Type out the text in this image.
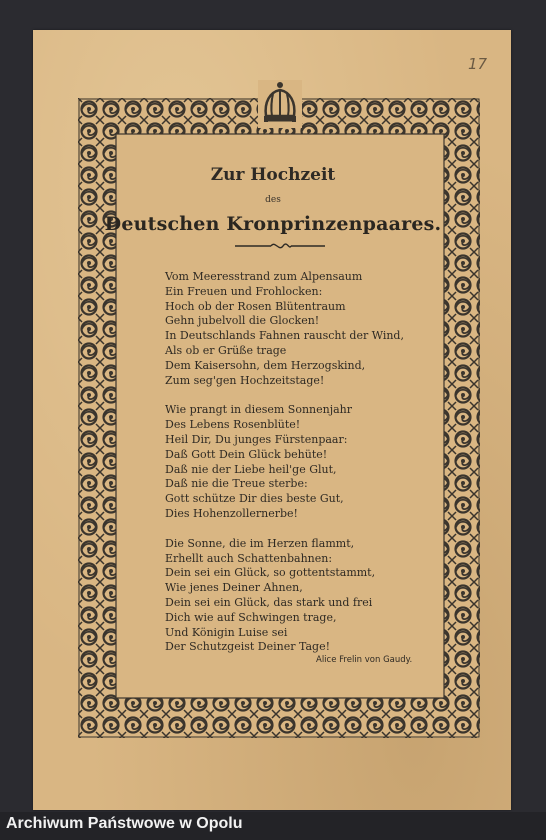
17
Zur Hochzeit
des
Deutschen Kronprinzenpaares.
Vom Meeresstrand zum Alpensaum
Ein Freuen und Frohlocken:
Hoch ob der Rosen Blütentraum
Gehn jubelvoll die Glocken!
In Deutschlands Fahnen rauscht der Wind,
Als ob er Grüße trage
Dem Kaisersohn, dem Herzogskind,
Zum seg'gen Hochzeitstage!
Wie prangt in diesem Sonnenjahr
Des Lebens Rosenblüte!
Heil Dir, Du junges Fürstenpaar:
Daß Gott Dein Glück behüte!
Daß nie der Liebe heil'ge Glut,
Daß nie die Treue sterbe:
Gott schütze Dir dies beste Gut,
Dies Hohenzollernerbe!
Die Sonne, die im Herzen flammt,
Erhellt auch Schattenbahnen:
Dein sei ein Glück, so gottentstammt,
Wie jenes Deiner Ahnen,
Dein sei ein Glück, das stark und frei
Dich wie auf Schwingen trage,
Und Königin Luise sei
Der Schutzgeist Deiner Tage!
Alice Frelin von Gaudy.
Archiwum Państwowe w Opolu
